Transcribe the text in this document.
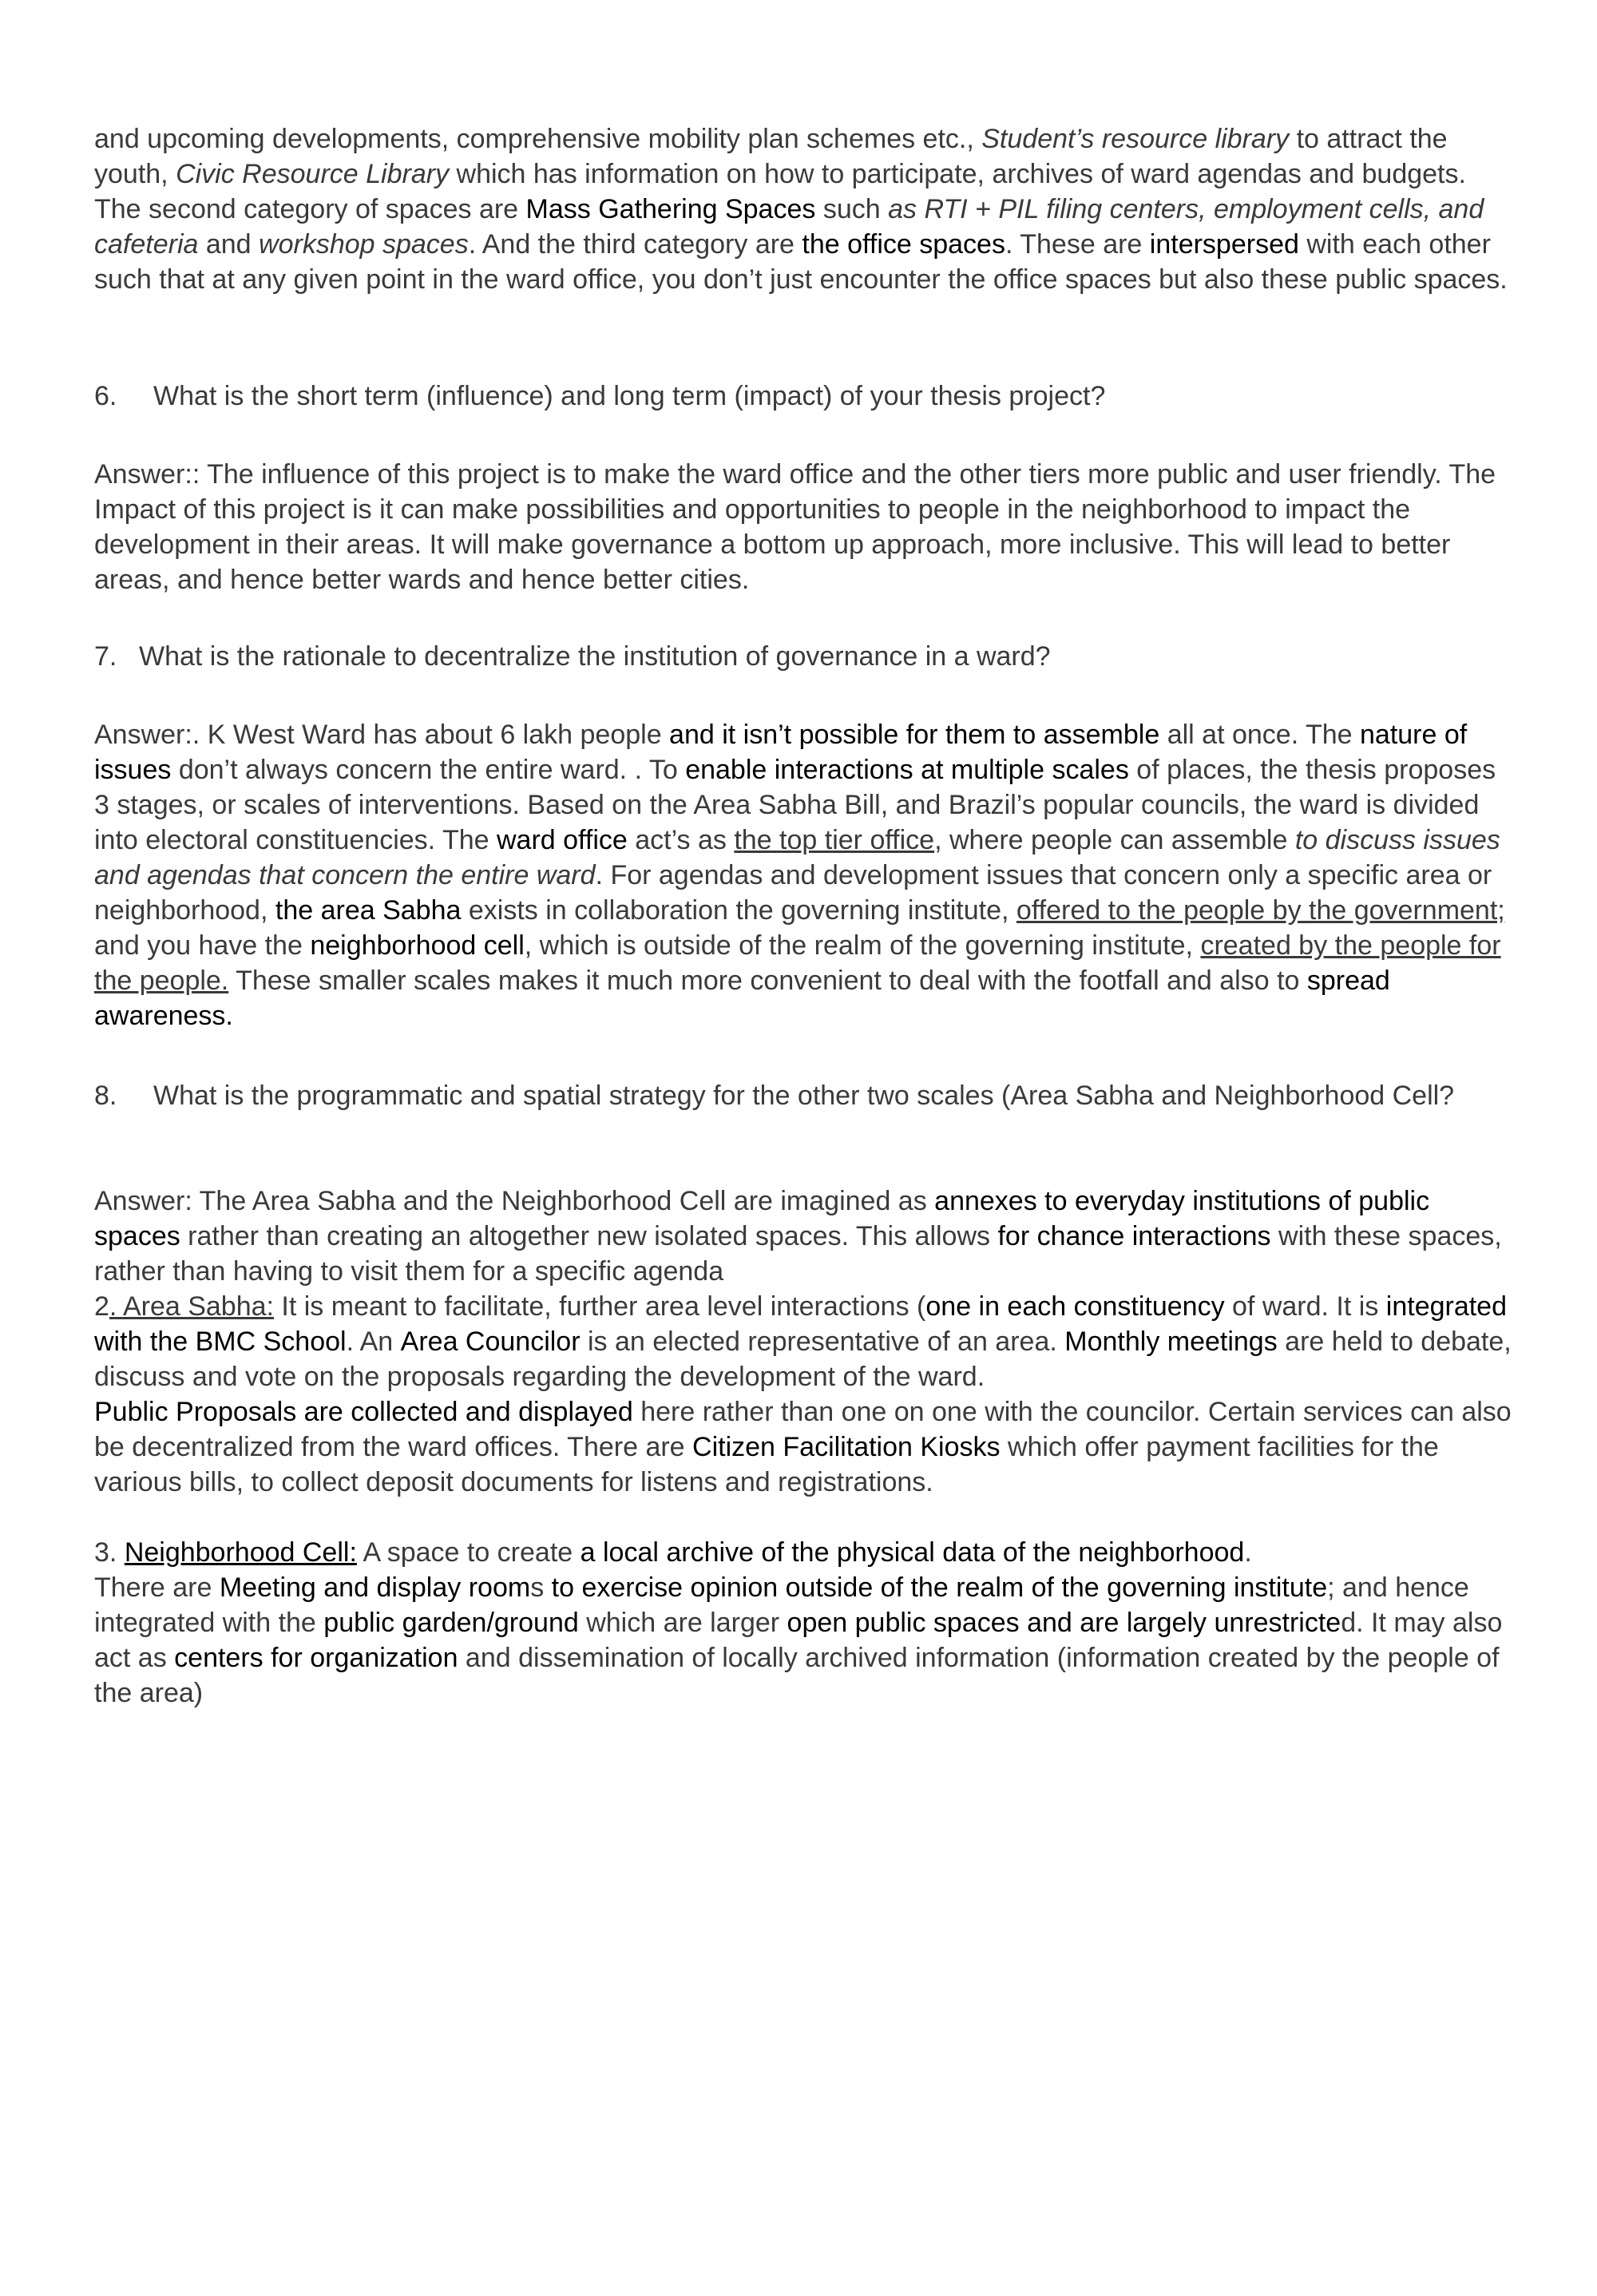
and upcoming developments, comprehensive mobility plan schemes etc., Student’s resource library to attract the youth, Civic Resource Library which has information on how to participate, archives of ward agendas and budgets. The second category of spaces are Mass Gathering Spaces such as RTI + PIL filing centers, employment cells, and cafeteria and workshop spaces. And the third category are the office spaces. These are interspersed with each other such that at any given point in the ward office, you don’t just encounter the office spaces but also these public spaces.

6. What is the short term (influence) and long term (impact) of your thesis project?

Answer:: The influence of this project is to make the ward office and the other tiers more public and user friendly. The Impact of this project is it can make possibilities and opportunities to people in the neighborhood to impact the development in their areas. It will make governance a bottom up approach, more inclusive. This will lead to better areas, and hence better wards and hence better cities.

7. What is the rationale to decentralize the institution of governance in a ward?

Answer:. K West Ward has about 6 lakh people and it isn’t possible for them to assemble all at once. The nature of issues don’t always concern the entire ward. . To enable interactions at multiple scales of places, the thesis proposes 3 stages, or scales of interventions. Based on the Area Sabha Bill, and Brazil’s popular councils, the ward is divided into electoral constituencies. The ward office act’s as the top tier office, where people can assemble to discuss issues and agendas that concern the entire ward. For agendas and development issues that concern only a specific area or neighborhood, the area Sabha exists in collaboration the governing institute, offered to the people by the government; and you have the neighborhood cell, which is outside of the realm of the governing institute, created by the people for the people. These smaller scales makes it much more convenient to deal with the footfall and also to spread awareness.

8. What is the programmatic and spatial strategy for the other two scales (Area Sabha and Neighborhood Cell?

Answer: The Area Sabha and the Neighborhood Cell are imagined as annexes to everyday institutions of public spaces rather than creating an altogether new isolated spaces. This allows for chance interactions with these spaces, rather than having to visit them for a specific agenda

2. Area Sabha: It is meant to facilitate, further area level interactions (one in each constituency of ward. It is integrated with the BMC School. An Area Councilor is an elected representative of an area. Monthly meetings are held to debate, discuss and vote on the proposals regarding the development of the ward.

Public Proposals are collected and displayed here rather than one on one with the councilor. Certain services can also be decentralized from the ward offices. There are Citizen Facilitation Kiosks which offer payment facilities for the various bills, to collect deposit documents for listens and registrations.

3. Neighborhood Cell: A space to create a local archive of the physical data of the neighborhood.

There are Meeting and display rooms to exercise opinion outside of the realm of the governing institute; and hence integrated with the public garden/ground which are larger open public spaces and are largely unrestricted. It may also act as centers for organization and dissemination of locally archived information (information created by the people of the area)
